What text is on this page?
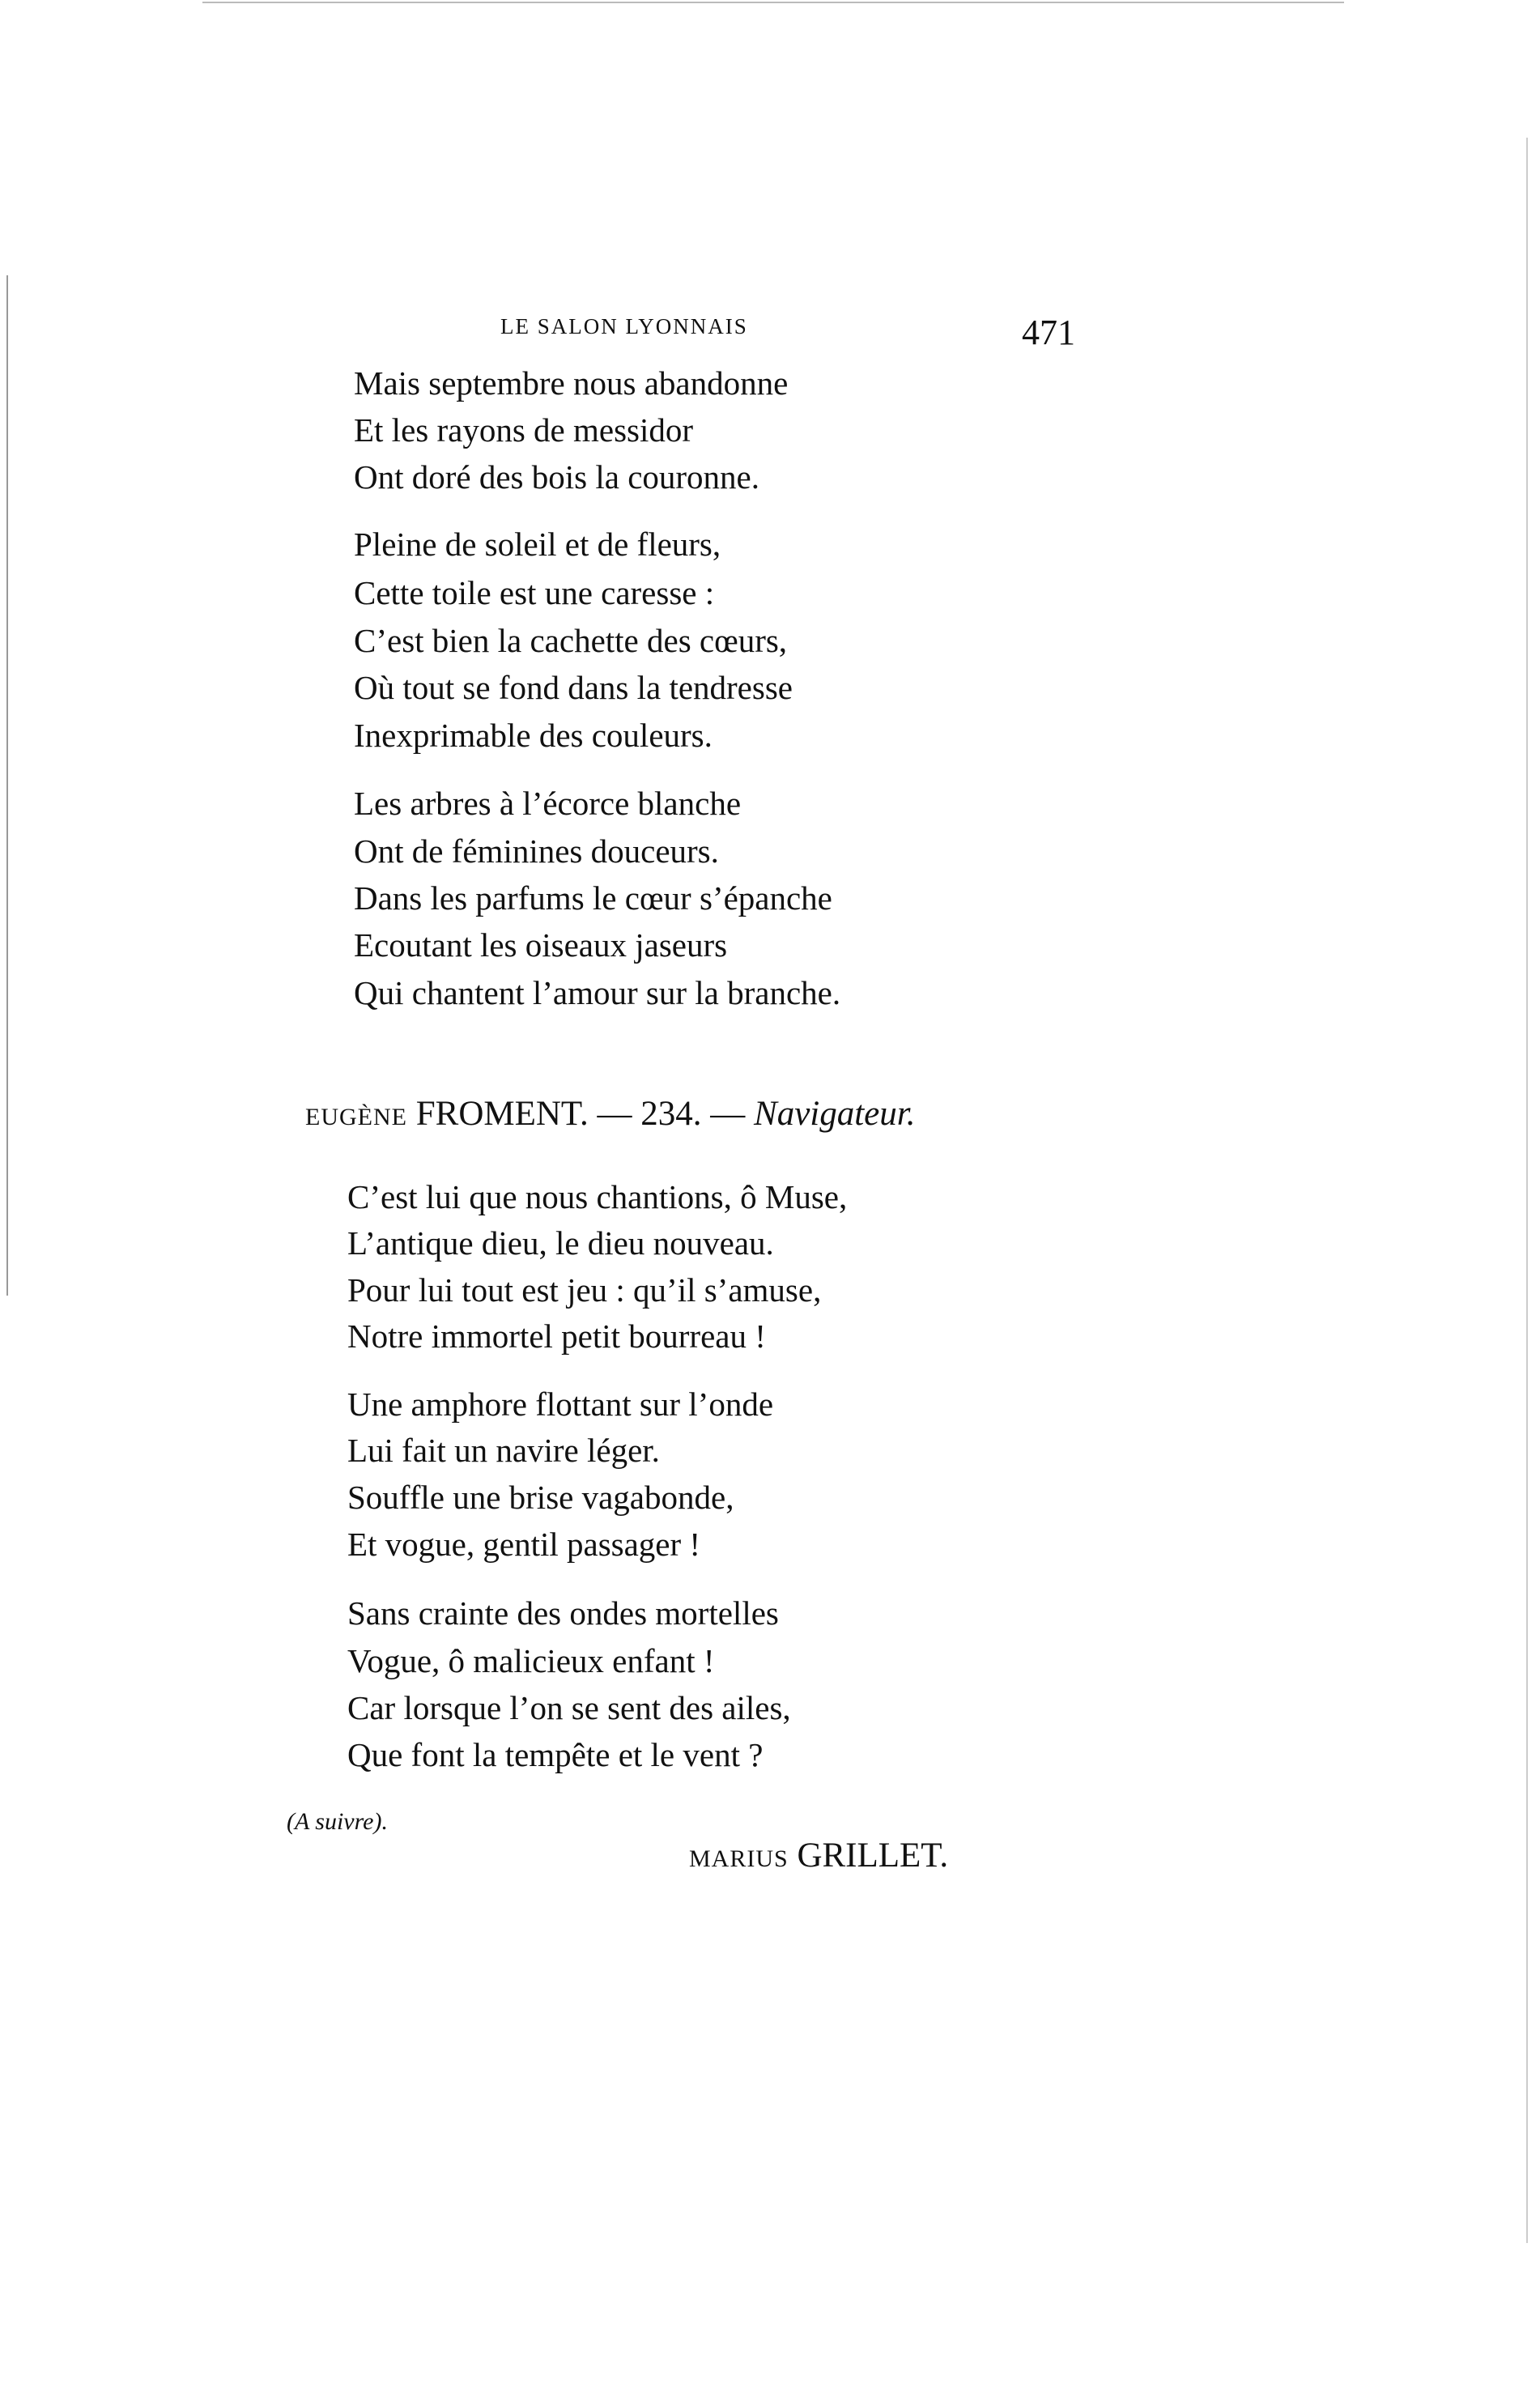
LE SALON LYONNAIS	471
Mais septembre nous abandonne
Et les rayons de messidor
Ont doré des bois la couronne.
Pleine de soleil et de fleurs,
Cette toile est une caresse :
C’est bien la cachette des cœurs,
Où tout se fond dans la tendresse
Inexprimable des couleurs.
Les arbres à l’écorce blanche
Ont de féminines douceurs.
Dans les parfums le cœur s’épanche
Ecoutant les oiseaux jaseurs
Qui chantent l’amour sur la branche.
EUGÈNE FROMENT. — 234. — Navigateur.
C’est lui que nous chantions, ô Muse,
L’antique dieu, le dieu nouveau.
Pour lui tout est jeu : qu’il s’amuse,
Notre immortel petit bourreau !
Une amphore flottant sur l’onde
Lui fait un navire léger.
Souffle une brise vagabonde,
Et vogue, gentil passager !
Sans crainte des ondes mortelles
Vogue, ô malicieux enfant !
Car lorsque l’on se sent des ailes,
Que font la tempête et le vent ?
(A suivre).
MARIUS GRILLET.
